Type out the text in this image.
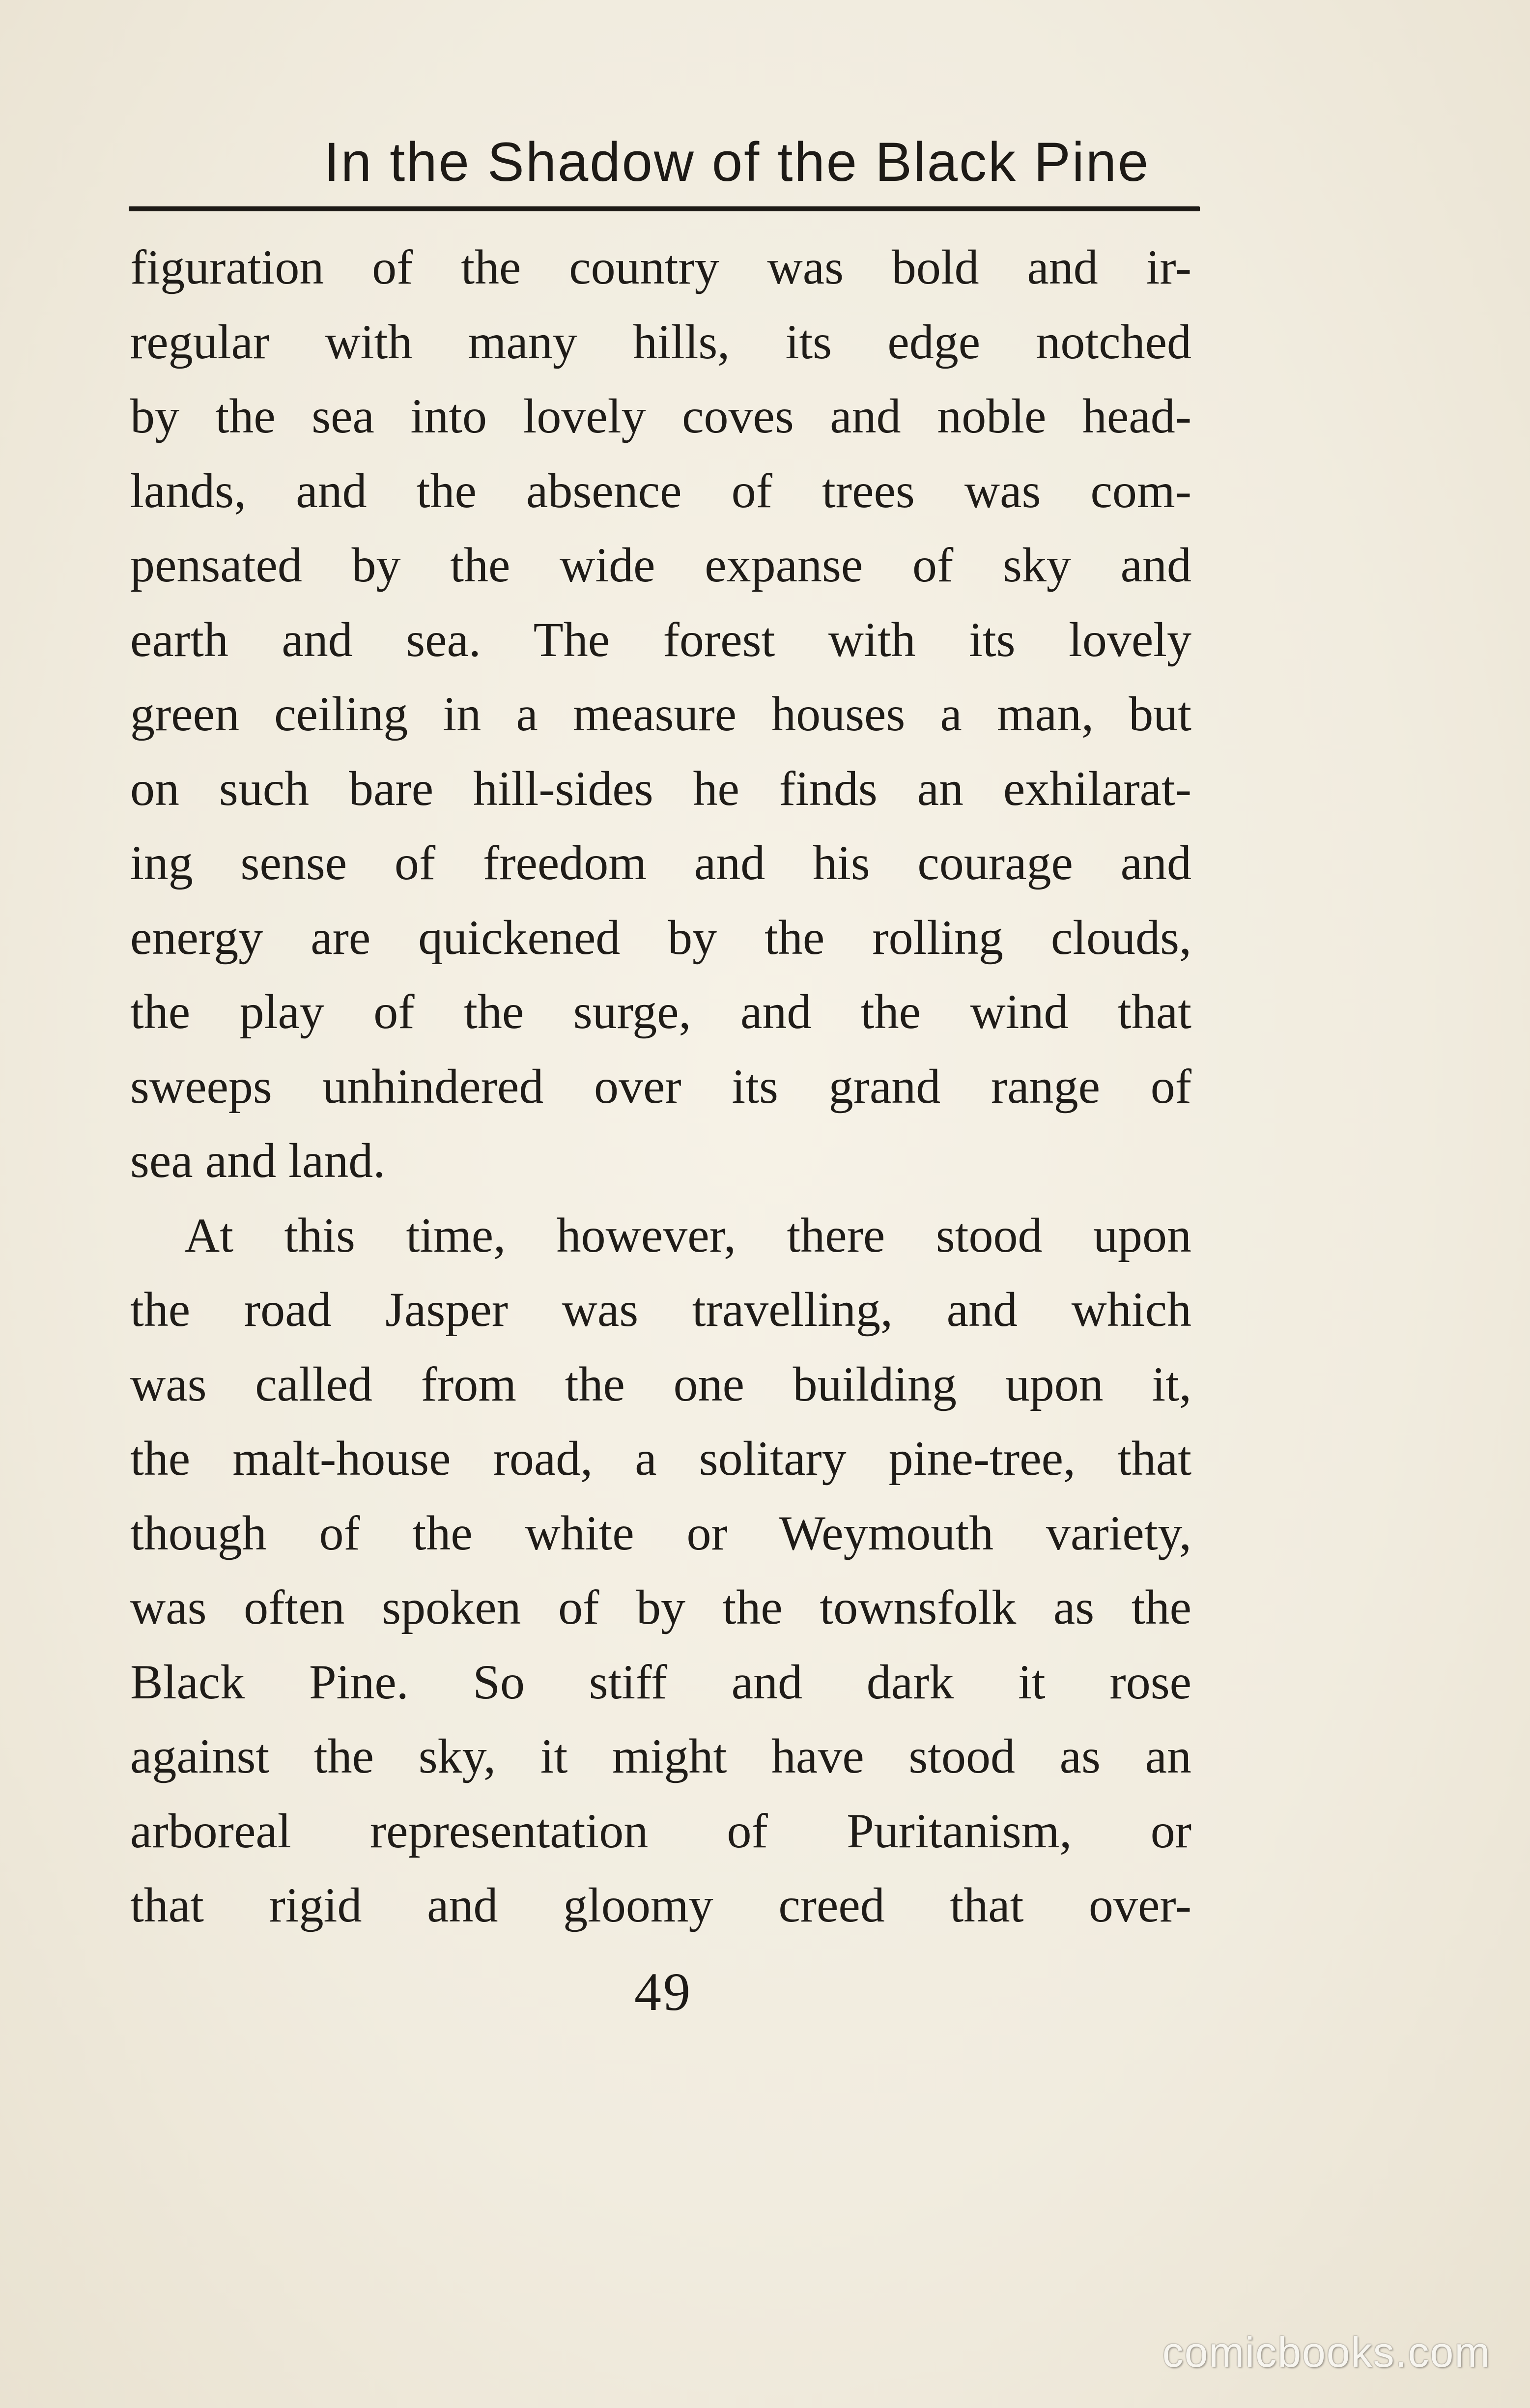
In the Shadow of the Black Pine
figuration of the country was bold and ir-
regular with many hills, its edge notched
by the sea into lovely coves and noble head-
lands, and the absence of trees was com-
pensated by the wide expanse of sky and
earth and sea. The forest with its lovely
green ceiling in a measure houses a man, but
on such bare hill-sides he finds an exhilarat-
ing sense of freedom and his courage and
energy are quickened by the rolling clouds,
the play of the surge, and the wind that
sweeps unhindered over its grand range of
sea and land.
At this time, however, there stood upon
the road Jasper was travelling, and which
was called from the one building upon it,
the malt-house road, a solitary pine-tree, that
though of the white or Weymouth variety,
was often spoken of by the townsfolk as the
Black Pine. So stiff and dark it rose
against the sky, it might have stood as an
arboreal representation of Puritanism, or
that rigid and gloomy creed that over-
49
comicbooks.com
